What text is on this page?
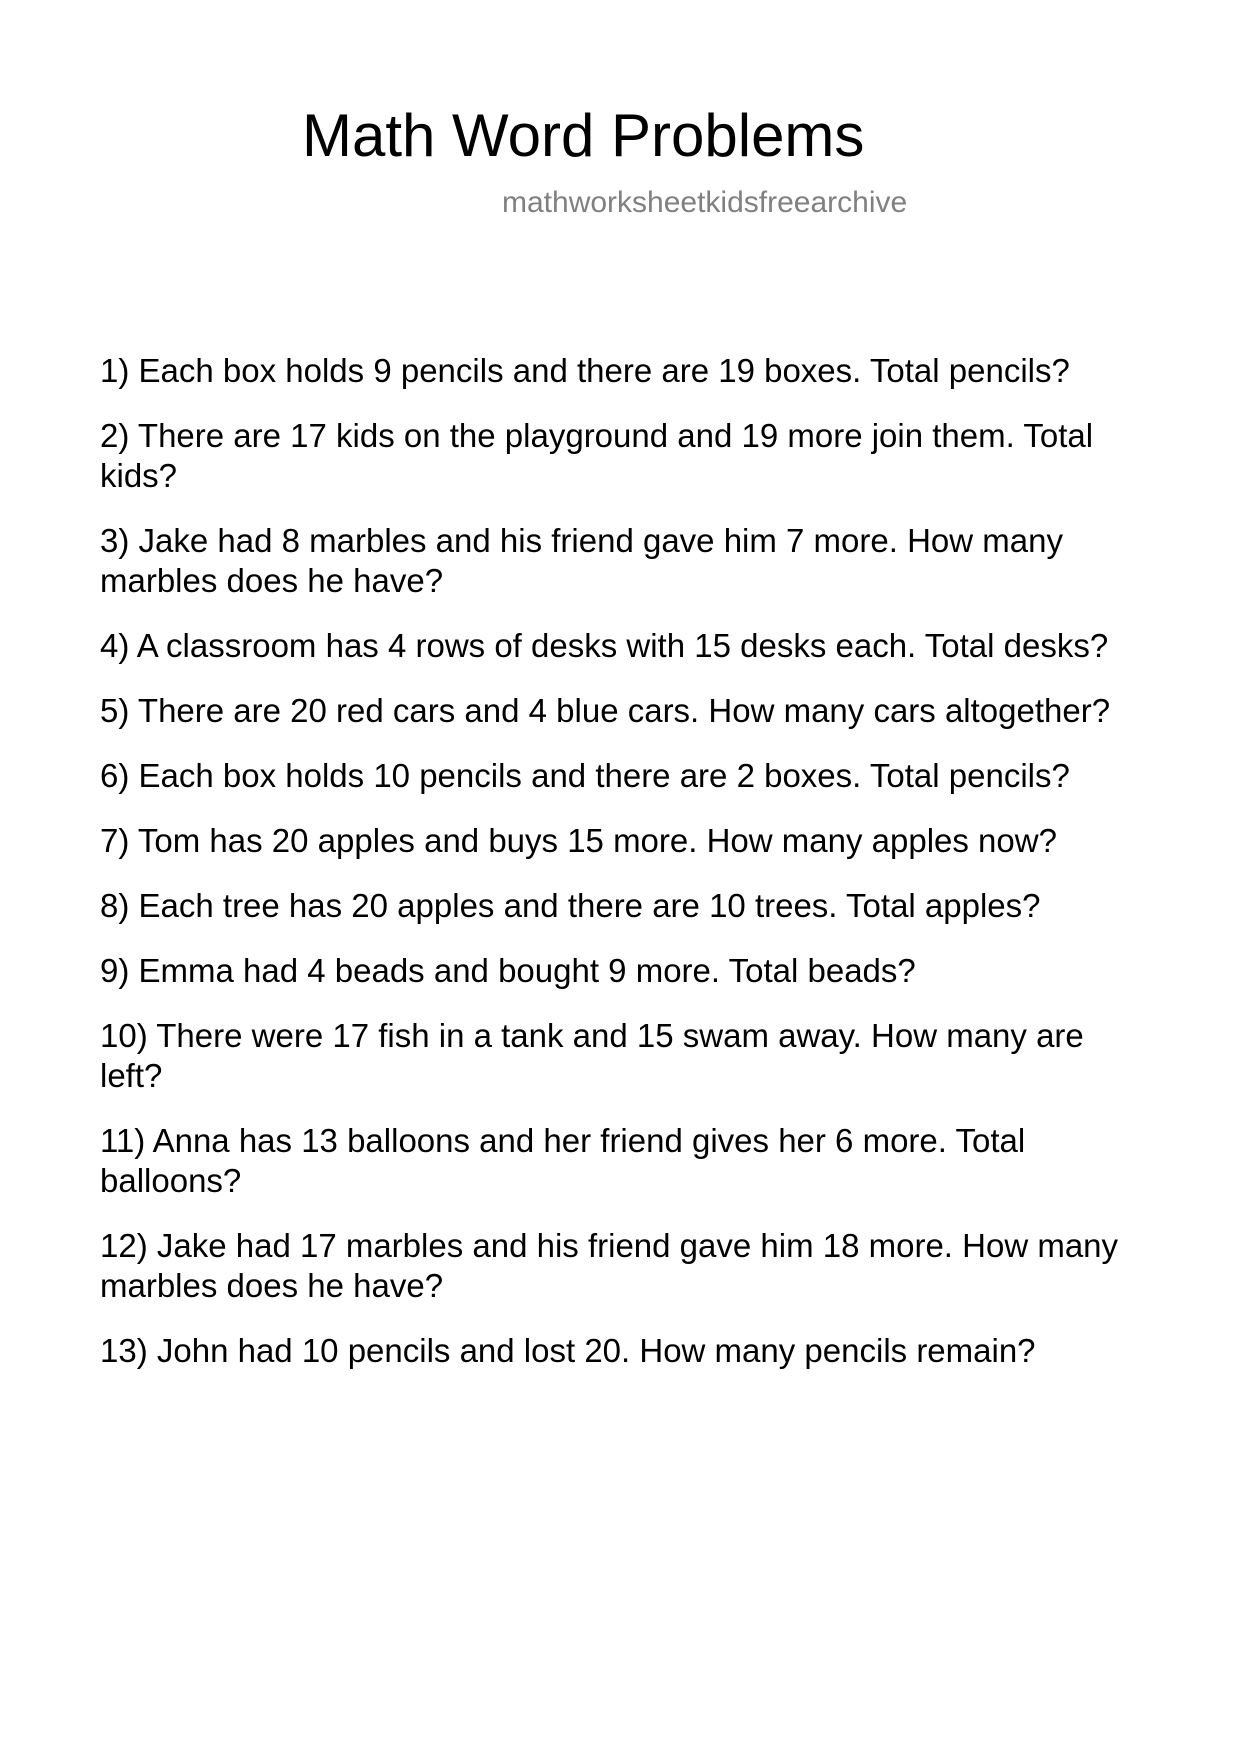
Math Word Problems
mathworksheetkidsfreearchive
1) Each box holds 9 pencils and there are 19 boxes. Total pencils?
2) There are 17 kids on the playground and 19 more join them. Total kids?
3) Jake had 8 marbles and his friend gave him 7 more. How many marbles does he have?
4) A classroom has 4 rows of desks with 15 desks each. Total desks?
5) There are 20 red cars and 4 blue cars. How many cars altogether?
6) Each box holds 10 pencils and there are 2 boxes. Total pencils?
7) Tom has 20 apples and buys 15 more. How many apples now?
8) Each tree has 20 apples and there are 10 trees. Total apples?
9) Emma had 4 beads and bought 9 more. Total beads?
10) There were 17 fish in a tank and 15 swam away. How many are left?
11) Anna has 13 balloons and her friend gives her 6 more. Total balloons?
12) Jake had 17 marbles and his friend gave him 18 more. How many marbles does he have?
13) John had 10 pencils and lost 20. How many pencils remain?
